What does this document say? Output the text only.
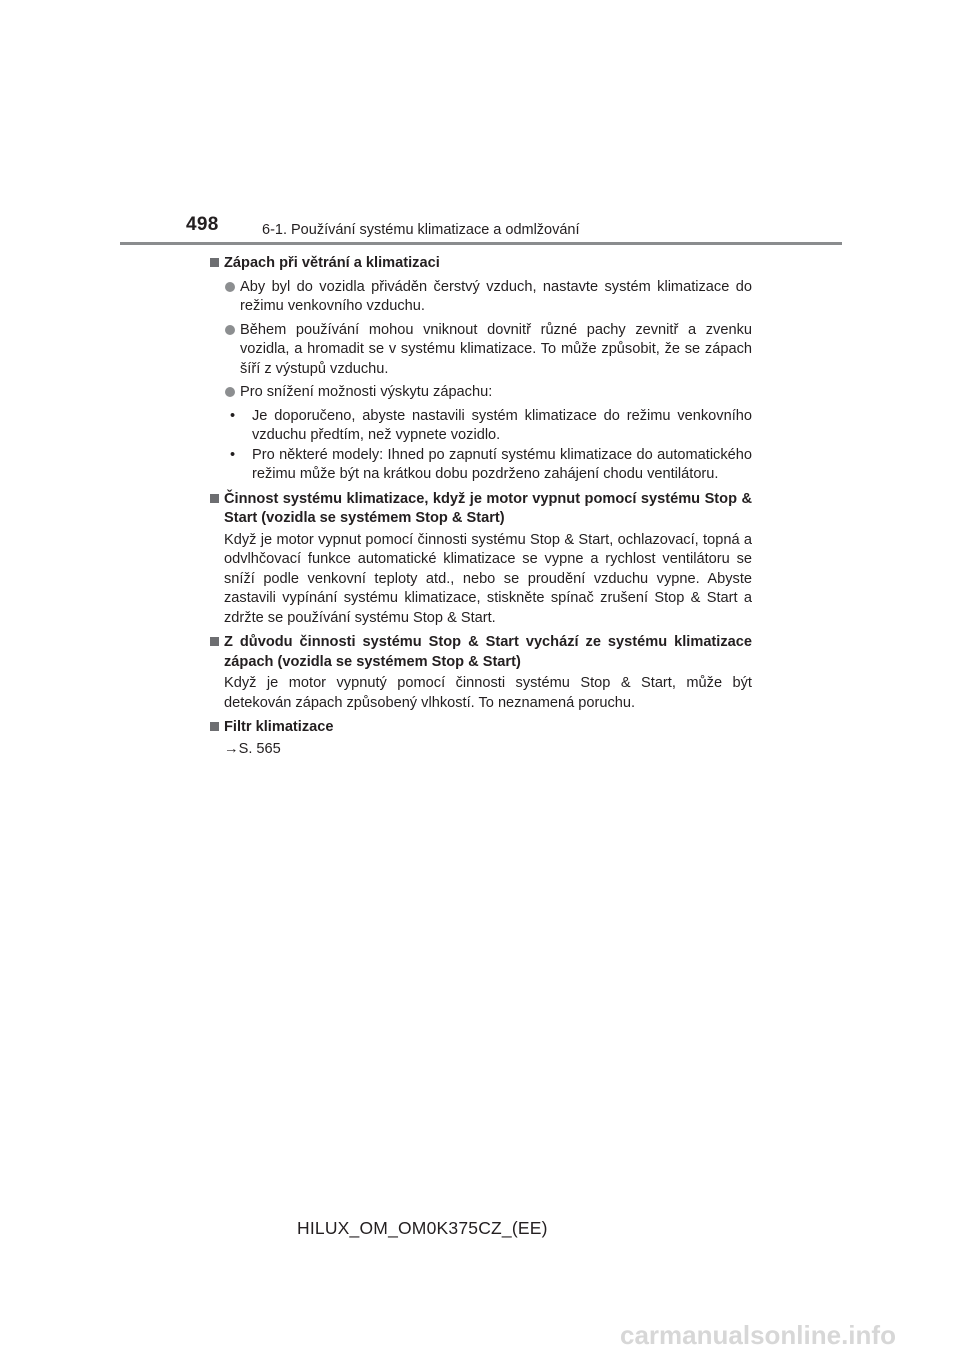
498	6-1. Používání systému klimatizace a odmlžování
Zápach při větrání a klimatizaci
Aby byl do vozidla přiváděn čerstvý vzduch, nastavte systém klimatizace do režimu venkovního vzduchu.
Během používání mohou vniknout dovnitř různé pachy zevnitř a zvenku vozidla, a hromadit se v systému klimatizace. To může způsobit, že se zápach šíří z výstupů vzduchu.
Pro snížení možnosti výskytu zápachu:
• Je doporučeno, abyste nastavili systém klimatizace do režimu venkovního vzduchu předtím, než vypnete vozidlo.
• Pro některé modely: Ihned po zapnutí systému klimatizace do automatického režimu může být na krátkou dobu pozdrženo zahájení chodu ventilátoru.
Činnost systému klimatizace, když je motor vypnut pomocí systému Stop & Start (vozidla se systémem Stop & Start)
Když je motor vypnut pomocí činnosti systému Stop & Start, ochlazovací, topná a odvlhčovací funkce automatické klimatizace se vypne a rychlost ventilátoru se sníží podle venkovní teploty atd., nebo se proudění vzduchu vypne. Abyste zastavili vypínání systému klimatizace, stiskněte spínač zrušení Stop & Start a zdržte se používání systému Stop & Start.
Z důvodu činnosti systému Stop & Start vychází ze systému klimatizace zápach (vozidla se systémem Stop & Start)
Když je motor vypnutý pomocí činnosti systému Stop & Start, může být detekován zápach způsobený vlhkostí. To neznamená poruchu.
Filtr klimatizace
→S. 565
HILUX_OM_OM0K375CZ_(EE)
carmanualsonline.info
